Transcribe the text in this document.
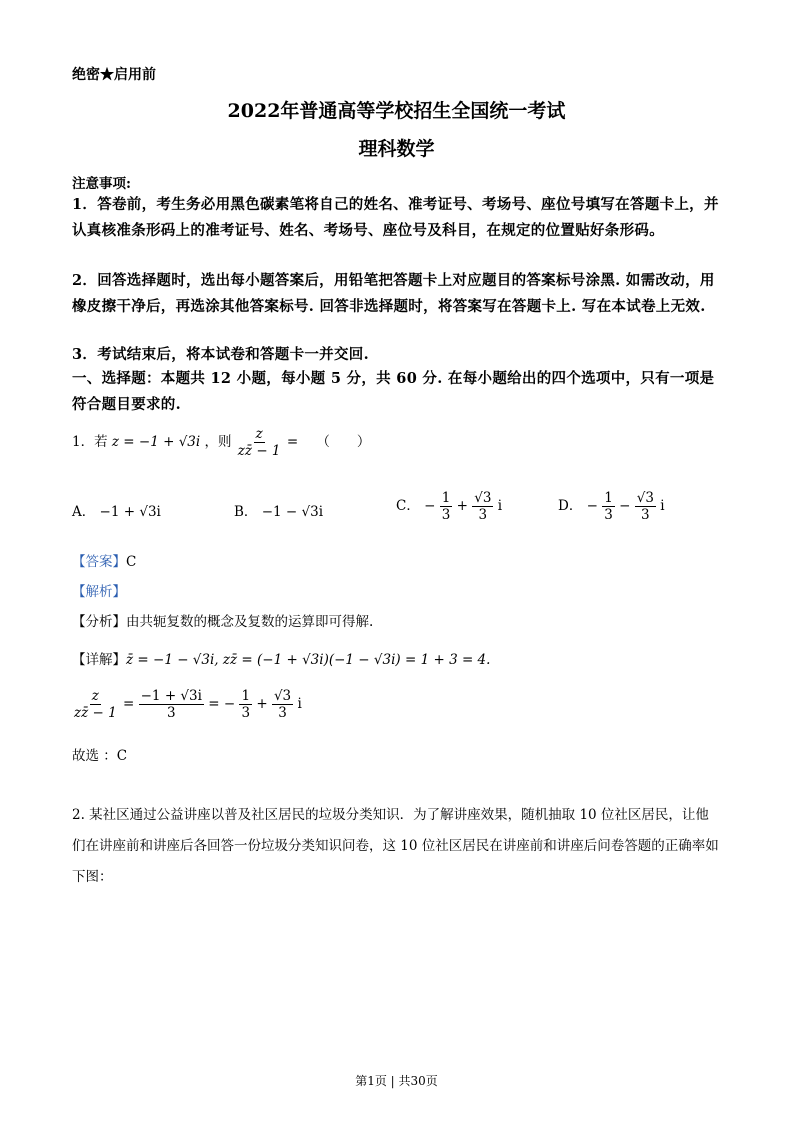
绝密★启用前
2022年普通高等学校招生全国统一考试
理科数学
注意事项:
1．答卷前，考生务必用黑色碳素笔将自己的姓名、准考证号、考场号、座位号填写在答题卡上，并认真核准条形码上的准考证号、姓名、考场号、座位号及科目，在规定的位置贴好条形码。
2．回答选择题时，选出每小题答案后，用铅笔把答题卡上对应题目的答案标号涂黑. 如需改动，用橡皮擦干净后，再选涂其他答案标号. 回答非选择题时，将答案写在答题卡上. 写在本试卷上无效.
3．考试结束后，将本试卷和答题卡一并交回.
一、选择题：本题共 12 小题，每小题 5 分，共 60 分. 在每小题给出的四个选项中，只有一项是符合题目要求的.
1．若 z = −1 + √3i ，则 $\frac{z}{zz̄ - 1}$ = （　　）
A． −1 + √3i	B． −1 − √3i	C． − $\frac{1}{3} + \frac{√3}{3}$ i	D． − $\frac{1}{3} - \frac{√3}{3}$ i
【答案】C
【解析】
【分析】由共轭复数的概念及复数的运算即可得解.
【详解】z̄ = −1 − √3i, zz̄ = (−1 + √3i)(−1 − √3i) = 1 + 3 = 4.
$\frac{z}{zz̄ - 1} = \frac{-1 + √3i}{3}$ = − $\frac{1}{3} + \frac{√3}{3}$ i
故选 ：C
2. 某社区通过公益讲座以普及社区居民的垃圾分类知识．为了解讲座效果，随机抽取 10 位社区居民，让他们在讲座前和讲座后各回答一份垃圾分类知识问卷，这 10 位社区居民在讲座前和讲座后问卷答题的正确率如下图：
第1页 | 共30页
